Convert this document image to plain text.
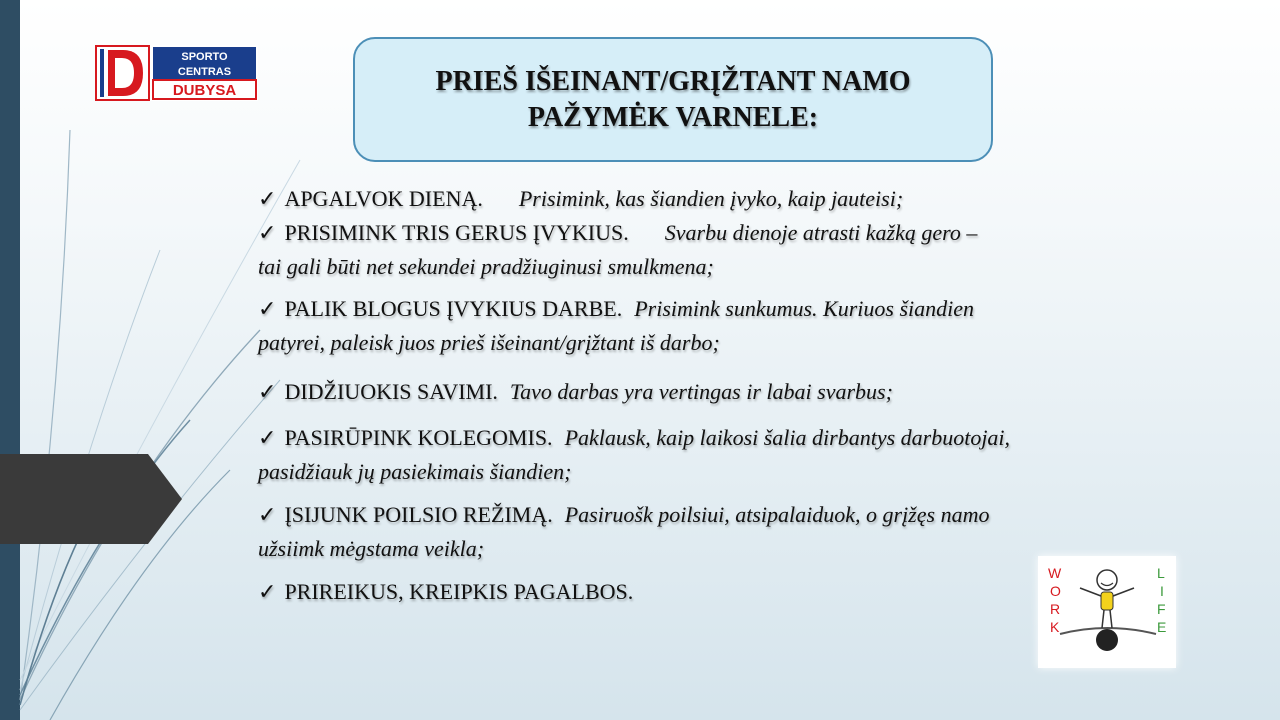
SPORTO
CENTRAS
DUBYSA	PRIEŠ IŠEINANT/GRĮŽTANT NAMO
PAŽYMĖK VARNELE:
✓ APGALVOK DIENĄ. Prisimink, kas šiandien įvyko, kaip jauteisi;
✓ PRISIMINK TRIS GERUS ĮVYKIUS. Svarbu dienoje atrasti kažką gero –
tai gali būti net sekundei pradžiuginusi smulkmena;
✓ PALIK BLOGUS ĮVYKIUS DARBE. Prisimink sunkumus. Kuriuos šiandien
patyrei, paleisk juos prieš išeinant/grįžtant iš darbo;
✓ DIDŽIUOKIS SAVIMI. Tavo darbas yra vertingas ir labai svarbus;
✓ PASIRŪPINK KOLEGOMIS. Paklausk, kaip laikosi šalia dirbantys darbuotojai,
pasidžiauk jų pasiekimais šiandien;
✓ ĮSIJUNK POILSIO REŽIMĄ. Pasiruošk poilsiui, atsipalaiduok, o grįžęs namo
užsiimk mėgstama veikla;
✓ PRIREIKUS, KREIPKIS PAGALBOS.
W
O
R
K
L
I
F
E
